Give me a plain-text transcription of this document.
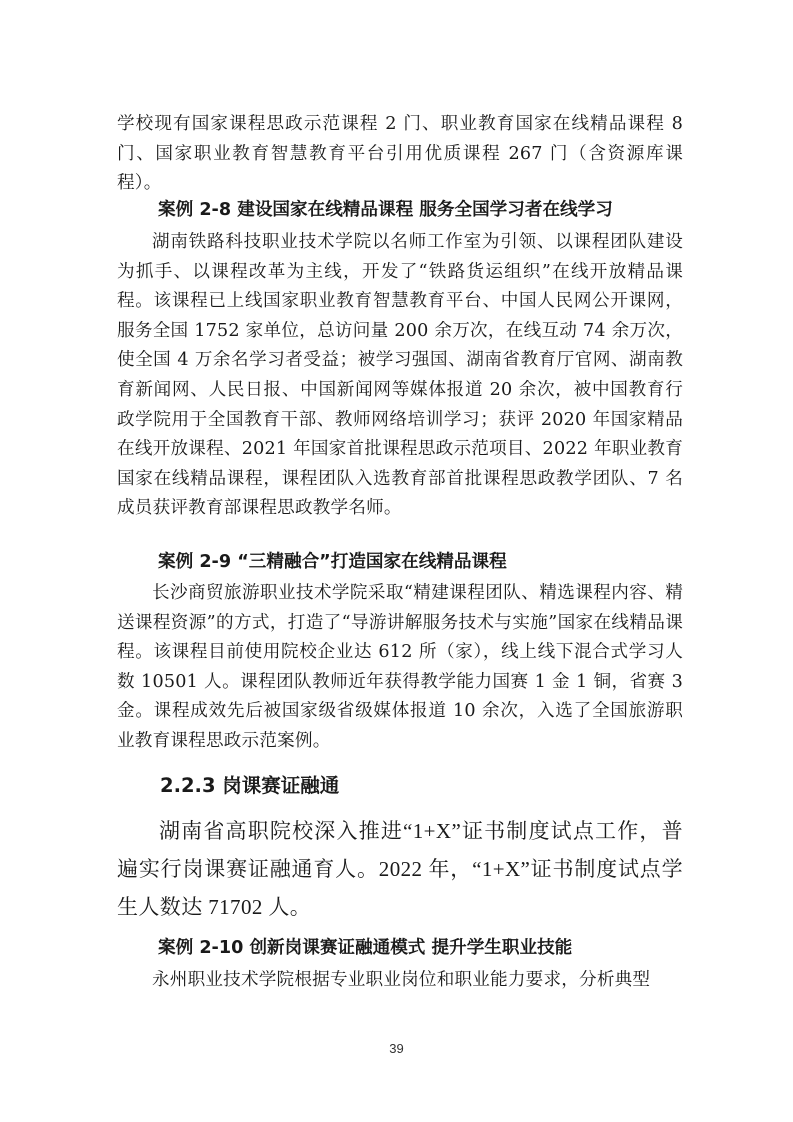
学校现有国家课程思政示范课程 2 门、职业教育国家在线精品课程 8 门、国家职业教育智慧教育平台引用优质课程 267 门（含资源库课程）。

案例 2-8 建设国家在线精品课程 服务全国学习者在线学习

湖南铁路科技职业技术学院以名师工作室为引领、以课程团队建设为抓手、以课程改革为主线，开发了“铁路货运组织”在线开放精品课程。该课程已上线国家职业教育智慧教育平台、中国人民网公开课网，服务全国 1752 家单位，总访问量 200 余万次，在线互动 74 余万次，使全国 4 万余名学习者受益；被学习强国、湖南省教育厅官网、湖南教育新闻网、人民日报、中国新闻网等媒体报道 20 余次，被中国教育行政学院用于全国教育干部、教师网络培训学习；获评 2020 年国家精品在线开放课程、2021 年国家首批课程思政示范项目、2022 年职业教育国家在线精品课程，课程团队入选教育部首批课程思政教学团队、7 名成员获评教育部课程思政教学名师。

案例 2-9 “三精融合”打造国家在线精品课程

长沙商贸旅游职业技术学院采取“精建课程团队、精选课程内容、精送课程资源”的方式，打造了“导游讲解服务技术与实施”国家在线精品课程。该课程目前使用院校企业达 612 所（家），线上线下混合式学习人数 10501 人。课程团队教师近年获得教学能力国赛 1 金 1 铜，省赛 3 金。课程成效先后被国家级省级媒体报道 10 余次，入选了全国旅游职业教育课程思政示范案例。

2.2.3 岗课赛证融通

湖南省高职院校深入推进“1+X”证书制度试点工作，普遍实行岗课赛证融通育人。2022 年，“1+X”证书制度试点学生人数达 71702 人。

案例 2-10 创新岗课赛证融通模式 提升学生职业技能

永州职业技术学院根据专业职业岗位和职业能力要求，分析典型

39
